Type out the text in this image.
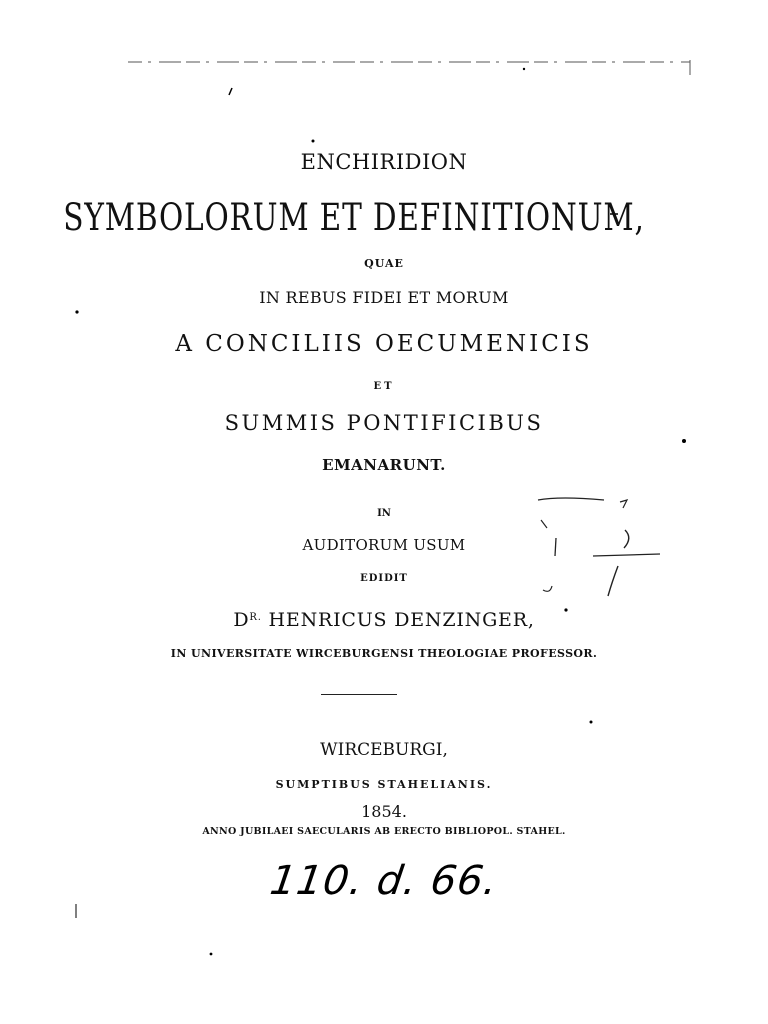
ENCHIRIDION
SYMBOLORUM ET DEFINITIONUM,
QUAE
IN REBUS FIDEI ET MORUM
A CONCILIIS OECUMENICIS
ET
SUMMIS PONTIFICIBUS
EMANARUNT.
IN
AUDITORUM USUM
EDIDIT
$D^{R.}$ HENRICUS DENZINGER,
IN UNIVERSITATE WIRCEBURGENSI THEOLOGIAE PROFESSOR.
WIRCEBURGI,
SUMPTIBUS STAHELIANIS.
1854.
ANNO JUBILAEI SAECULARIS AB ERECTO BIBLIOPOL. STAHEL.
110. d. 66.
